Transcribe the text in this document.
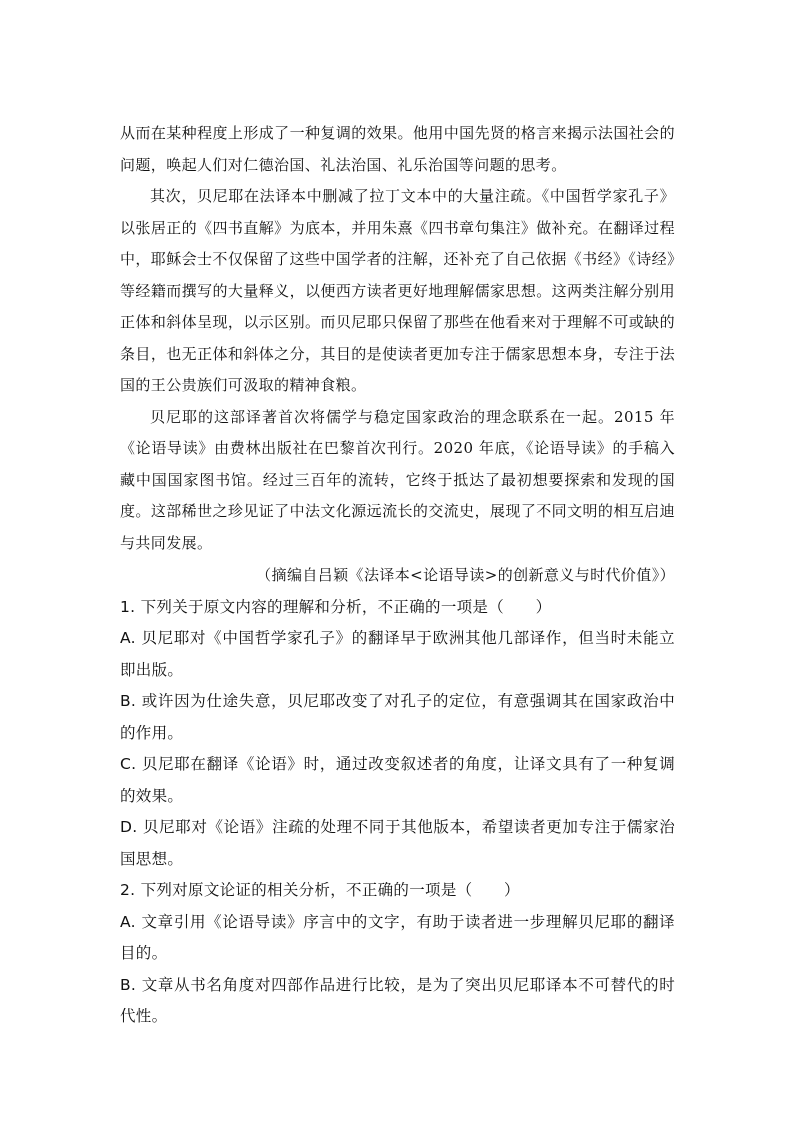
从而在某种程度上形成了一种复调的效果。他用中国先贤的格言来揭示法国社会的问题，唤起人们对仁德治国、礼法治国、礼乐治国等问题的思考。

其次，贝尼耶在法译本中删减了拉丁文本中的大量注疏。《中国哲学家孔子》以张居正的《四书直解》为底本，并用朱熹《四书章句集注》做补充。在翻译过程中，耶稣会士不仅保留了这些中国学者的注解，还补充了自己依据《书经》《诗经》等经籍而撰写的大量释义，以便西方读者更好地理解儒家思想。这两类注解分别用正体和斜体呈现，以示区别。而贝尼耶只保留了那些在他看来对于理解不可或缺的条目，也无正体和斜体之分，其目的是使读者更加专注于儒家思想本身，专注于法国的王公贵族们可汲取的精神食粮。

贝尼耶的这部译著首次将儒学与稳定国家政治的理念联系在一起。2015 年《论语导读》由费林出版社在巴黎首次刊行。2020 年底，《论语导读》的手稿入藏中国国家图书馆。经过三百年的流转，它终于抵达了最初想要探索和发现的国度。这部稀世之珍见证了中法文化源远流长的交流史，展现了不同文明的相互启迪与共同发展。

（摘编自吕颖《法译本<论语导读>的创新意义与时代价值》）

1. 下列关于原文内容的理解和分析，不正确的一项是（　　）

A. 贝尼耶对《中国哲学家孔子》的翻译早于欧洲其他几部译作，但当时未能立即出版。

B. 或许因为仕途失意，贝尼耶改变了对孔子的定位，有意强调其在国家政治中的作用。

C. 贝尼耶在翻译《论语》时，通过改变叙述者的角度，让译文具有了一种复调的效果。

D. 贝尼耶对《论语》注疏的处理不同于其他版本，希望读者更加专注于儒家治国思想。

2. 下列对原文论证的相关分析，不正确的一项是（　　）

A. 文章引用《论语导读》序言中的文字，有助于读者进一步理解贝尼耶的翻译目的。

B. 文章从书名角度对四部作品进行比较，是为了突出贝尼耶译本不可替代的时代性。
